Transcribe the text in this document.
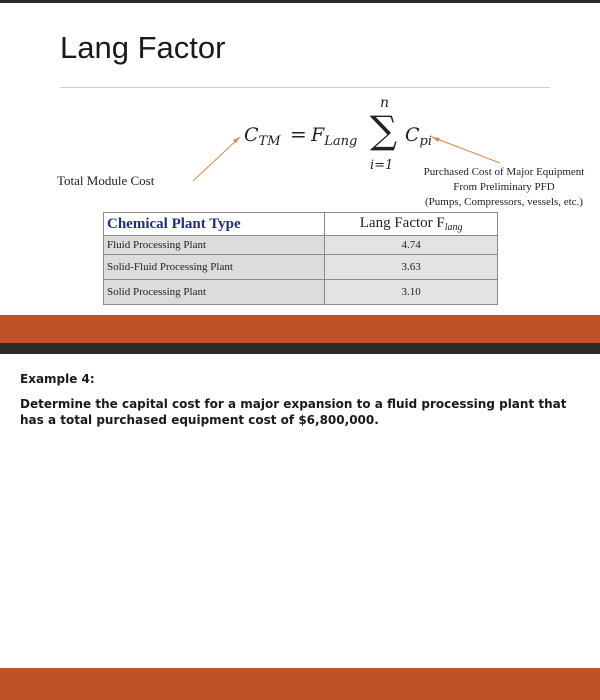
Lang Factor
$C_{TM} = F_{Lang}$
n
∑
i=1
$C_{pi}$
Total Module Cost
Purchased Cost of Major Equipment
From Preliminary PFD
(Pumps, Compressors, vessels, etc.)
Chemical Plant Type	Lang Factor $F_{lang}$
Fluid Processing Plant	4.74
Solid-Fluid Processing Plant	3.63
Solid Processing Plant	3.10
Example 4:
Determine the capital cost for a major expansion to a fluid processing plant that has a total purchased equipment cost of $6,800,000.
